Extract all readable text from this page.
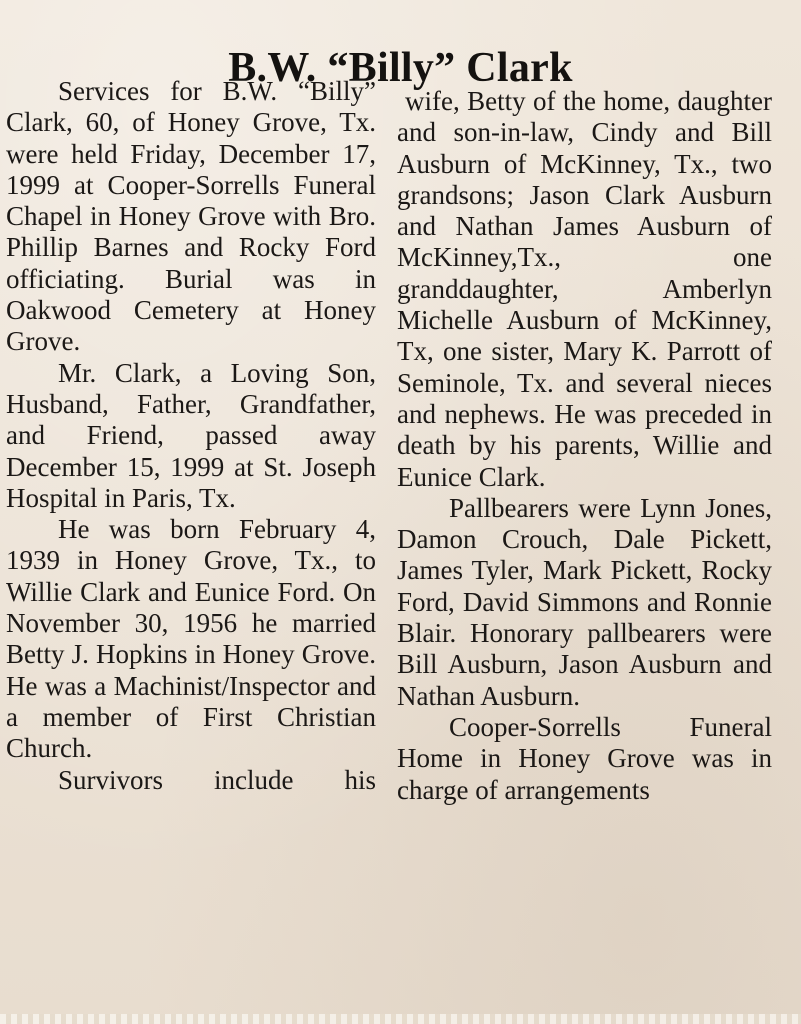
B.W. “Billy” Clark

Services for B.W. “Billy” Clark, 60, of Honey Grove, Tx. were held Friday, December 17, 1999 at Cooper-Sorrells Funeral Chapel in Honey Grove with Bro. Phillip Barnes and Rocky Ford officiating. Burial was in Oakwood Cemetery at Honey Grove.

Mr. Clark, a Loving Son, Husband, Father, Grandfather, and Friend, passed away December 15, 1999 at St. Joseph Hospital in Paris, Tx.

He was born February 4, 1939 in Honey Grove, Tx., to Willie Clark and Eunice Ford. On November 30, 1956 he married Betty J. Hopkins in Honey Grove. He was a Machinist/Inspector and a member of First Christian Church.

Survivors include his

wife, Betty of the home, daughter and son-in-law, Cindy and Bill Ausburn of McKinney, Tx., two grandsons; Jason Clark Ausburn and Nathan James Ausburn of McKinney,Tx., one granddaughter, Amberlyn Michelle Ausburn of McKinney, Tx, one sister, Mary K. Parrott of Seminole, Tx. and several nieces and nephews. He was preceded in death by his parents, Willie and Eunice Clark.

Pallbearers were Lynn Jones, Damon Crouch, Dale Pickett, James Tyler, Mark Pickett, Rocky Ford, David Simmons and Ronnie Blair. Honorary pallbearers were Bill Ausburn, Jason Ausburn and Nathan Ausburn.

Cooper-Sorrells Funeral Home in Honey Grove was in charge of arrangements
